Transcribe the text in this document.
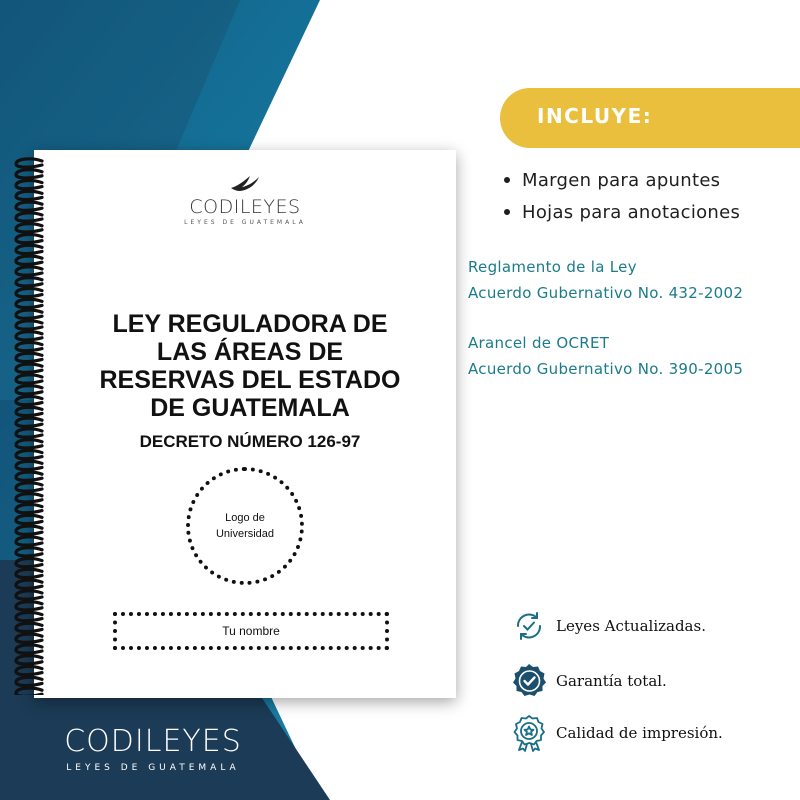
CODILEYES
LEYES DE GUATEMALA
LEY REGULADORA DE
LAS ÁREAS DE
RESERVAS DEL ESTADO
DE GUATEMALA
DECRETO NÚMERO 126-97
Logo de
Universidad
Tu nombre
CODILEYES
LEYES DE GUATEMALA
INCLUYE:
Margen para apuntes
Hojas para anotaciones
Reglamento de la Ley
Acuerdo Gubernativo No. 432-2002
Arancel de OCRET
Acuerdo Gubernativo No. 390-2005
Leyes Actualizadas.
Garantía total.
Calidad de impresión.
